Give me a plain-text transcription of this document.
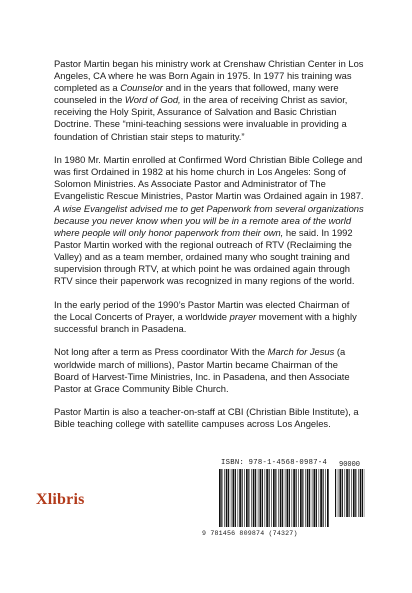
Pastor Martin began his ministry work at Crenshaw Christian Center in Los Angeles, CA where he was Born Again in 1975. In 1977 his training was completed as a Counselor and in the years that followed, many were counseled in the Word of God, in the area of receiving Christ as savior, receiving the Holy Spirit, Assurance of Salvation and Basic Christian Doctrine. These “mini-teaching sessions were invaluable in providing a foundation of Christian stair steps to maturity.”

In 1980 Mr. Martin enrolled at Confirmed Word Christian Bible College and was first Ordained in 1982 at his home church in Los Angeles: Song of Solomon Ministries. As Associate Pastor and Administrator of The Evangelistic Rescue Ministries, Pastor Martin was Ordained again in 1987. A wise Evangelist advised me to get Paperwork from several organizations because you never know when you will be in a remote area of the world where people will only honor paperwork from their own, he said. In 1992 Pastor Martin worked with the regional outreach of RTV (Reclaiming the Valley) and as a team member, ordained many who sought training and supervision through RTV, at which point he was ordained again through RTV since their paperwork was recognized in many regions of the world.

In the early period of the 1990’s Pastor Martin was elected Chairman of the Local Concerts of Prayer, a worldwide prayer movement with a highly successful branch in Pasadena.

Not long after a term as Press coordinator With the March for Jesus (a worldwide march of millions), Pastor Martin became Chairman of the Board of Harvest-Time Ministries, Inc. in Pasadena, and then Associate Pastor at Grace Community Bible Church.

Pastor Martin is also a teacher-on-staff at CBI (Christian Bible Institute), a Bible teaching college with satellite campuses across Los Angeles.

Xlibris
ISBN: 978-1-4568-0987-4 90000
9 781456 809874 (74327)
